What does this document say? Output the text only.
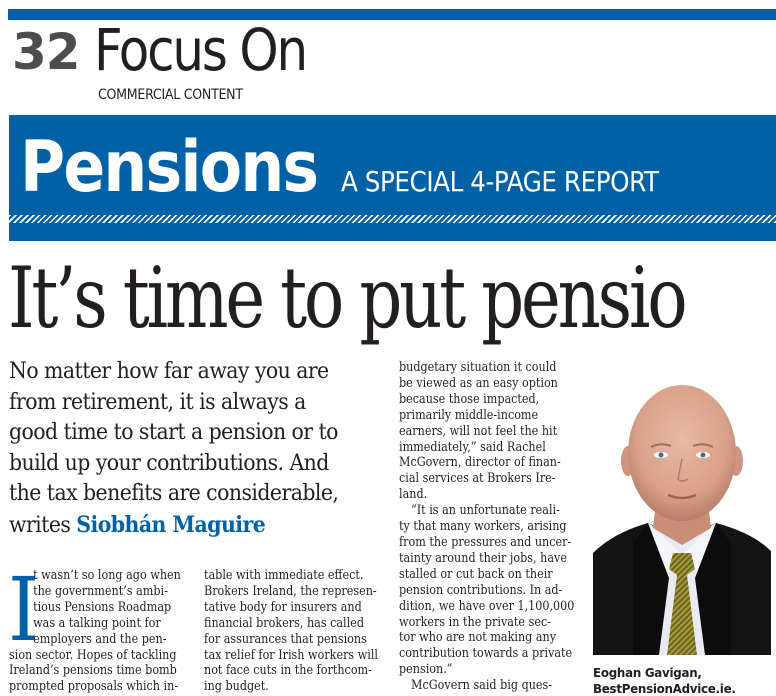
32 Focus On
COMMERCIAL CONTENT
Pensions A SPECIAL 4-PAGE REPORT
It’s time to put pensio
No matter how far away you are
from retirement, it is always a
good time to start a pension or to
build up your contributions. And
the tax benefits are considerable,
writes Siobhán Maguire
I
t wasn’t so long ago when
the government’s ambi-
tious Pensions Roadmap
was a talking point for
employers and the pen-
sion sector. Hopes of tackling
Ireland’s pensions time bomb
prompted proposals which in-
table with immediate effect.
Brokers Ireland, the represen-
tative body for insurers and
financial brokers, has called
for assurances that pensions
tax relief for Irish workers will
not face cuts in the forthcom-
ing budget.
budgetary situation it could
be viewed as an easy option
because those impacted,
primarily middle-income
earners, will not feel the hit
immediately,” said Rachel
McGovern, director of finan-
cial services at Brokers Ire-
land.
“It is an unfortunate reali-
ty that many workers, arising
from the pressures and uncer-
tainty around their jobs, have
stalled or cut back on their
pension contributions. In ad-
dition, we have over 1,100,000
workers in the private sec-
tor who are not making any
contribution towards a private
pension.”
McGovern said big ques-
Eoghan Gavigan,
BestPensionAdvice.ie.
